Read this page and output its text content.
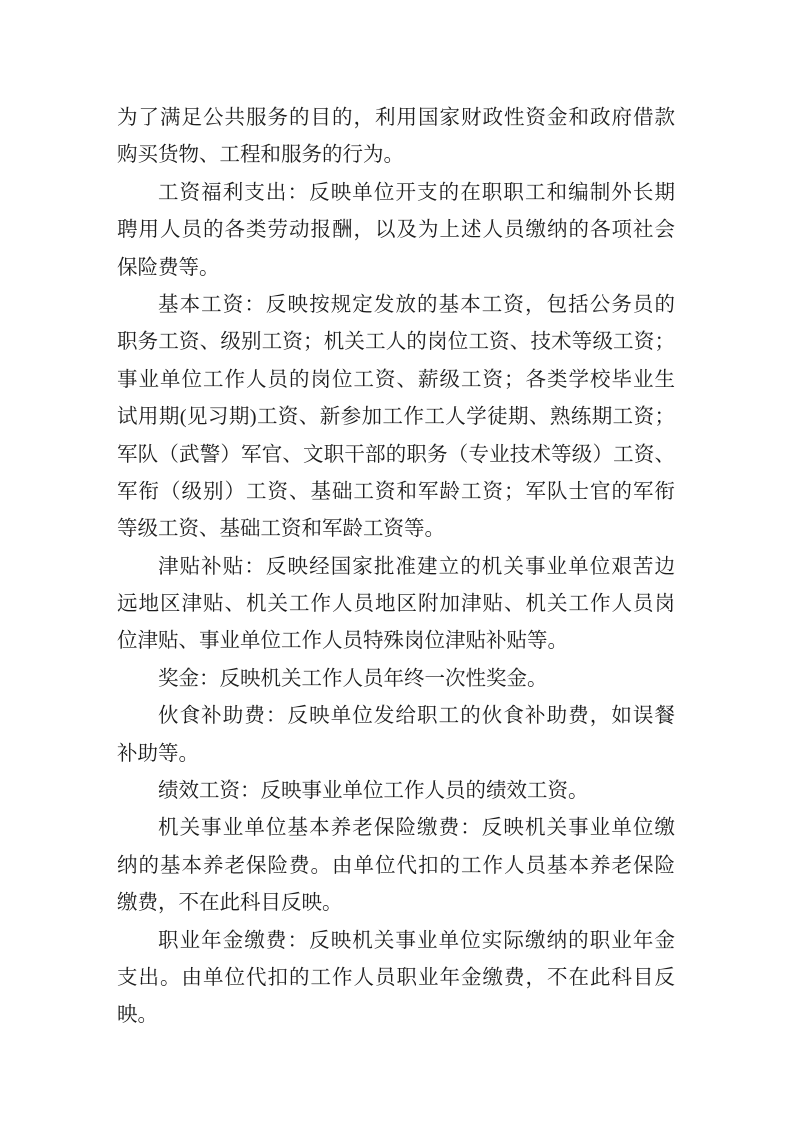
为了满足公共服务的目的，利用国家财政性资金和政府借款
购买货物、工程和服务的行为。
工资福利支出：反映单位开支的在职职工和编制外长期
聘用人员的各类劳动报酬，以及为上述人员缴纳的各项社会
保险费等。
基本工资：反映按规定发放的基本工资，包括公务员的
职务工资、级别工资；机关工人的岗位工资、技术等级工资；
事业单位工作人员的岗位工资、薪级工资；各类学校毕业生
试用期(见习期)工资、新参加工作工人学徒期、熟练期工资；
军队（武警）军官、文职干部的职务（专业技术等级）工资、
军衔（级别）工资、基础工资和军龄工资；军队士官的军衔
等级工资、基础工资和军龄工资等。
津贴补贴：反映经国家批准建立的机关事业单位艰苦边
远地区津贴、机关工作人员地区附加津贴、机关工作人员岗
位津贴、事业单位工作人员特殊岗位津贴补贴等。
奖金：反映机关工作人员年终一次性奖金。
伙食补助费：反映单位发给职工的伙食补助费，如误餐
补助等。
绩效工资：反映事业单位工作人员的绩效工资。
机关事业单位基本养老保险缴费：反映机关事业单位缴
纳的基本养老保险费。由单位代扣的工作人员基本养老保险
缴费，不在此科目反映。
职业年金缴费：反映机关事业单位实际缴纳的职业年金
支出。由单位代扣的工作人员职业年金缴费，不在此科目反
映。
